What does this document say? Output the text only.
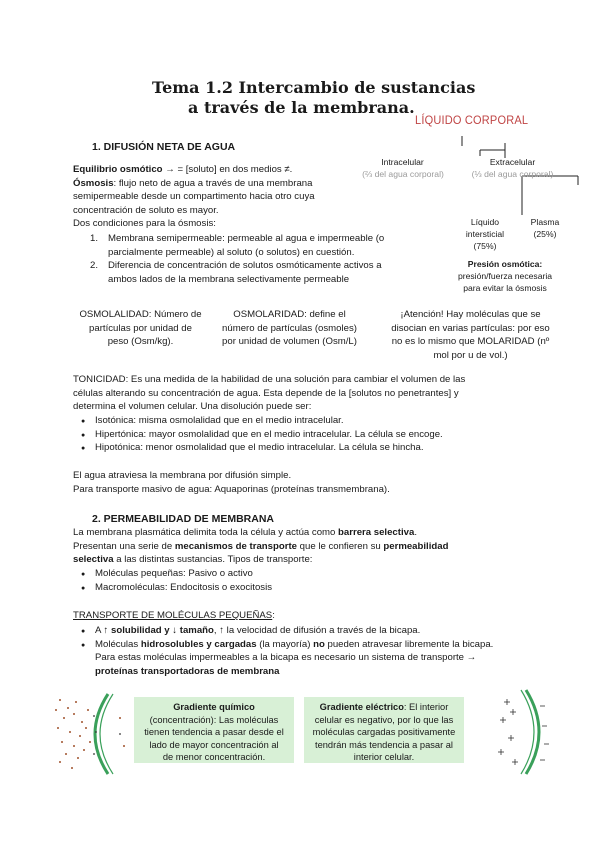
Tema 1.2 Intercambio de sustancias
a través de la membrana.
LÍQUIDO CORPORAL
Intracelular
(⅔ del agua corporal)
Extracelular
(⅓ del agua corporal)
Líquido
intersticial
(75%)
Plasma
(25%)
Presión osmótica:
presión/fuerza necesaria
para evitar la ósmosis
1. DIFUSIÓN NETA DE AGUA
Equilibrio osmótico → = [soluto] en dos medios ≠.
Ósmosis: flujo neto de agua a través de una membrana
semipermeable desde un compartimento hacia otro cuya
concentración de soluto es mayor.
Dos condiciones para la ósmosis:
1. Membrana semipermeable: permeable al agua e impermeable (o
parcialmente permeable) al soluto (o solutos) en cuestión.
2. Diferencia de concentración de solutos osmóticamente activos a
ambos lados de la membrana selectivamente permeable
OSMOLALIDAD: Número de
partículas por unidad de
peso (Osm/kg).
OSMOLARIDAD: define el
número de partículas (osmoles)
por unidad de volumen (Osm/L)
¡Atención! Hay moléculas que se
disocian en varias partículas: por eso
no es lo mismo que MOLARIDAD (nº
mol por u de vol.)
TONICIDAD: Es una medida de la habilidad de una solución para cambiar el volumen de las
células alterando su concentración de agua. Esta depende de la [solutos no penetrantes] y
determina el volumen celular. Una disolución puede ser:
● Isotónica: misma osmolalidad que en el medio intracelular.
● Hipertónica: mayor osmolalidad que en el medio intracelular. La célula se encoge.
● Hipotónica: menor osmolalidad que el medio intracelular. La célula se hincha.
El agua atraviesa la membrana por difusión simple.
Para transporte masivo de agua: Aquaporinas (proteínas transmembrana).
2. PERMEABILIDAD DE MEMBRANA
La membrana plasmática delimita toda la célula y actúa como barrera selectiva.
Presentan una serie de mecanismos de transporte que le confieren su permeabilidad
selectiva a las distintas sustancias. Tipos de transporte:
● Moléculas pequeñas: Pasivo o activo
● Macromoléculas: Endocitosis o exocitosis
TRANSPORTE DE MOLÉCULAS PEQUEÑAS:
● A ↑ solubilidad y ↓ tamaño, ↑ la velocidad de difusión a través de la bicapa.
● Moléculas hidrosolubles y cargadas (la mayoría) no pueden atravesar libremente la bicapa.
Para estas moléculas impermeables a la bicapa es necesario un sistema de transporte →
proteínas transportadoras de membrana
Gradiente químico
(concentración): Las moléculas
tienen tendencia a pasar desde el
lado de mayor concentración al
de menor concentración.
Gradiente eléctrico: El interior
celular es negativo, por lo que las
moléculas cargadas positivamente
tendrán más tendencia a pasar al
interior celular.
